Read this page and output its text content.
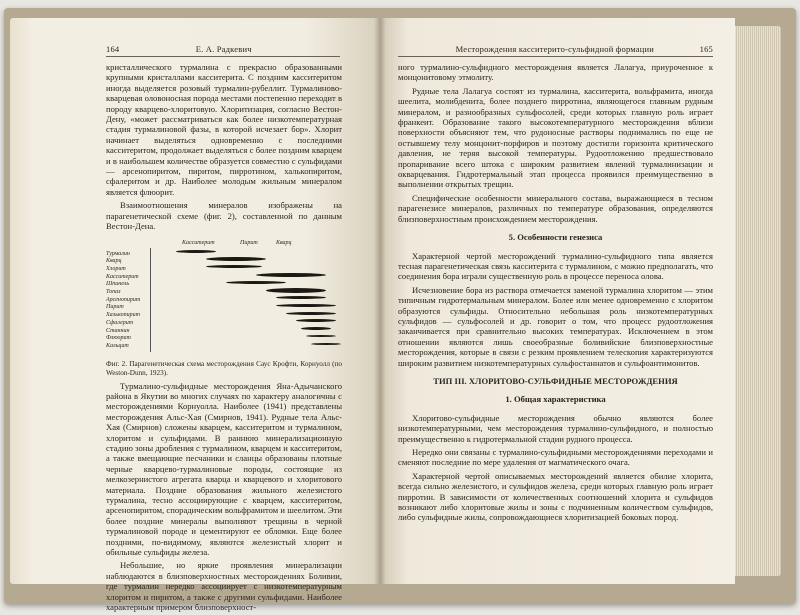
164	Е. А. Радкевич

кристаллического турмалина с прекрасно образованными крупными кристаллами касситерита. С поздним касситеритом иногда выделяется розовый турмалин-рубеллит. Турмалиново-кварцевая оловоносная порода местами постепенно переходит в породу кварцево-хлоритовую. Хлоритизация, согласно Вестон-Дену, «может рассматриваться как более низкотемпературная стадия турмалиновой фазы, в которой исчезает бор». Хлорит начинает выделяться одновременно с последними касситеритом, продолжает выделяться с более поздним кварцем и в наибольшем количестве образуется совместно с сульфидами — арсенопиритом, пиритом, пирротином, халькопиритом, сфалеритом и др. Наиболее молодым жильным минералом является флюорит.

Взаимоотношения минералов изображены на парагенетической схеме (фиг. 2), составленной по данным Вестон-Дена.

Касситерит	Пирит	Кварц
Турмалин
Кварц
Хлорит
Касситерит
Шпинель
Топаз
Арсенопирит
Пирит
Халькопирит
Сфалерит
Станнин
Флюорит
Кальцит

Фиг. 2. Парагенетическая схема месторождения Саус Крофти, Корнуолл (по Weston-Dunn, 1923).

Турмалино-сульфидные месторождения Яна-Адычанского района в Якутии во многих случаях по характеру аналогичны с месторождениями Корнуолла. Наиболее (1941) представлены месторождения Альс-Хая (Смирнов, 1941). Рудные тела Альс-Хая (Смирнов) сложены кварцем, касситеритом и турмалином, хлоритом и сульфидами. В раннюю минерализационную стадию зоны дробления с турмалином, кварцем и касситеритом, а также вмещающие песчаники и сланцы образованы плотные черные кварцево-турмалиновые породы, состоящие из мелкозернистого агрегата кварца и кварцевого и хлоритового материала. Поздние образования жильного железистого турмалина, тесно ассоциирующие с кварцем, касситеритом, арсенопиритом, спорадическим вольфрамитом и шеелитом. Эти более поздние минералы выполняют трещины в черной турмалиновой породе и цементируют ее обломки. Еще более поздними, по-видимому, являются железистый хлорит и обильные сульфиды железа.

Небольшие, но яркие проявления минерализации наблюдаются в близповерхностных месторождениях Боливии, где турмалин нередко ассоциирует с низкотемпературным хлоритом и пиритом, а также с другими сульфидами. Наиболее характерным примером близповерхност-

Месторождения касситерито-сульфидной формации	165

ного турмалино-сульфидного месторождения является Лалагуа, приуроченное к монцонитовому этмолиту.

Рудные тела Лалагуа состоят из турмалина, касситерита, вольфрамита, иногда шеелита, молибденита, более позднего пирротина, являющегося главным рудным минералом, и разнообразных сульфосолей, среди которых главную роль играет франкеит. Образование такого высокотемпературного месторождения вблизи поверхности объясняют тем, что рудоносные растворы поднимались по еще не остывшему телу монцонит-порфиров и поэтому достигли горизонта критического давления, не теряя высокой температуры. Рудоотложению предшествовало пропаривание всего штока с широким развитием явлений турмалинизации и окварцевания. Гидротермальный этап процесса проявился преимущественно в выполнении открытых трещин.

Специфические особенности минерального состава, выражающиеся в тесном парагенезисе минералов, различных по температуре образования, определяются близповерхностным происхождением месторождения.

5. Особенности генезиса

Характерной чертой месторождений турмалино-сульфидного типа является тесная парагенетическая связь касситерита с турмалином, с можно предполагать, что соединения бора играли существенную роль в процессе переноса олова.

Исчезновение бора из раствора отмечается заменой турмалина хлоритом — этим типичным гидротермальным минералом. Более или менее одновременно с хлоритом образуются сульфиды. Относительно небольшая роль низкотемпературных сульфидов — сульфосолей и др. говорит о том, что процесс рудоотложения заканчивается при сравнительно высоких температурах. Исключением в этом отношении являются лишь своеобразные боливийские близповерхностные месторождения, которые в связи с резким проявлением телескопия характеризуются широким развитием низкотемпературных сульфостаннатов и сульфоантимонитов.

ТИП III. ХЛОРИТОВО-СУЛЬФИДНЫЕ МЕСТОРОЖДЕНИЯ
1. Общая характеристика

Хлоритово-сульфидные месторождения обычно являются более низкотемпературными, чем месторождения турмалино-сульфидного, и полностью преимущественно к гидротермальной стадии рудного процесса.

Нередко они связаны с турмалино-сульфидными месторождениями переходами и сменяют последние по мере удаления от магматического очага.

Характерной чертой описываемых месторождений является обилие хлорита, всегда сильно железистого, и сульфидов железа, среди которых главную роль играет пирротин. В зависимости от количественных соотношений хлорита и сульфидов возникают либо хлоритовые жилы и зоны с подчиненным количеством сульфидов, либо сульфидные жилы, сопровождающиеся хлоритизацией боковых пород.
